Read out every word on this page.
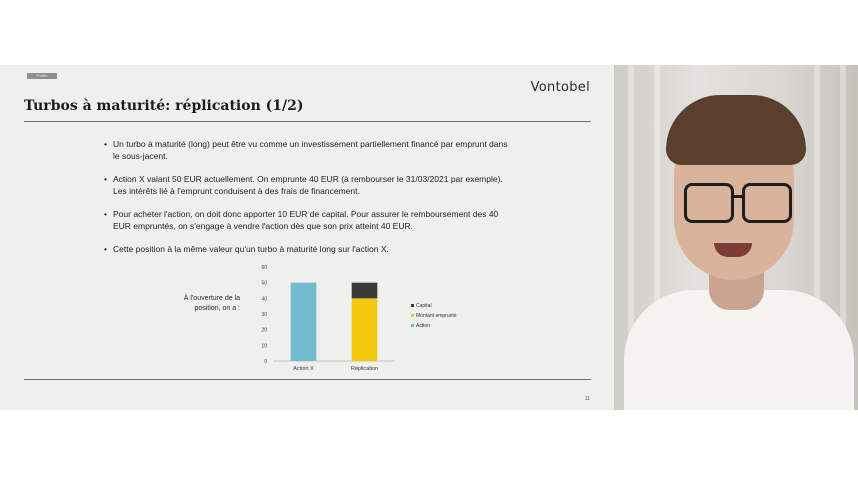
Public
Vontobel
Turbos à maturité: réplication (1/2)
• Un turbo à maturité (long) peut être vu comme un investissement partiellement financé par emprunt dans le sous-jacent.
• Action X valant 50 EUR actuellement. On emprunte 40 EUR (à rembourser le 31/03/2021 par exemple). Les intérêts lié à l'emprunt conduisent à des frais de financement.
• Pour acheter l'action, on doit donc apporter 10 EUR de capital. Pour assurer le remboursement des 40 EUR empruntés, on s'engage à vendre l'action dès que son prix atteint 40 EUR.
• Cette position à la même valeur qu'un turbo à maturité long sur l'action X.
À l'ouverture de la position, on a :
0
10
20
30
40
50
60
Action X	Réplication
Capital
Montant emprunté
Action
11
